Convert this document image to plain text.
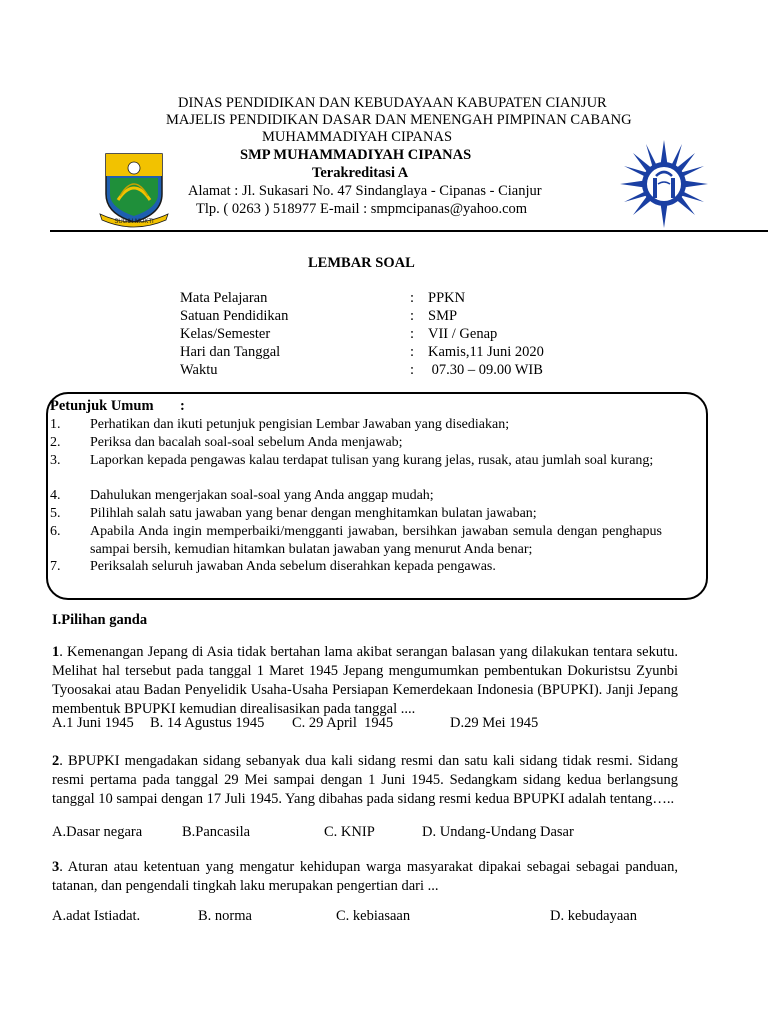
SUGIH MUKTI
DINAS PENDIDIKAN DAN KEBUDAYAAN KABUPATEN CIANJUR
MAJELIS PENDIDIKAN DASAR DAN MENENGAH PIMPINAN CABANG
MUHAMMADIYAH CIPANAS
SMP MUHAMMADIYAH CIPANAS
Terakreditasi A
Alamat : Jl. Sukasari No. 47 Sindanglaya - Cipanas - Cianjur
Tlp. ( 0263 ) 518977 E-mail : smpmcipanas@yahoo.com
LEMBAR SOAL
Mata Pelajaran	: PPKN
Satuan Pendidikan	: SMP
Kelas/Semester	: VII / Genap
Hari dan Tanggal	: Kamis,11 Juni 2020
Waktu	: 07.30 – 09.00 WIB
Petunjuk Umum :
1.	Perhatikan dan ikuti petunjuk pengisian Lembar Jawaban yang disediakan;
2.	Periksa dan bacalah soal-soal sebelum Anda menjawab;
3.	Laporkan kepada pengawas kalau terdapat tulisan yang kurang jelas, rusak, atau jumlah soal kurang;
4.	Dahulukan mengerjakan soal-soal yang Anda anggap mudah;
5.	Pilihlah salah satu jawaban yang benar dengan menghitamkan bulatan jawaban;
6.	Apabila Anda ingin memperbaiki/mengganti jawaban, bersihkan jawaban semula dengan penghapus sampai bersih, kemudian hitamkan bulatan jawaban yang menurut Anda benar;
7.	Periksalah seluruh jawaban Anda sebelum diserahkan kepada pengawas.
I.Pilihan ganda
1. Kemenangan Jepang di Asia tidak bertahan lama akibat serangan balasan yang dilakukan tentara sekutu. Melihat hal tersebut pada tanggal 1 Maret 1945 Jepang mengumumkan pembentukan Dokuristsu Zyunbi Tyoosakai atau Badan Penyelidik Usaha-Usaha Persiapan Kemerdekaan Indonesia (BPUPKI). Janji Jepang membentuk BPUPKI kemudian direalisasikan pada tanggal ....
A.1 Juni 1945 B. 14 Agustus 1945 C. 29 April  1945	D.29 Mei 1945
2. BPUPKI mengadakan sidang sebanyak dua kali sidang resmi dan satu kali sidang tidak resmi. Sidang resmi pertama pada tanggal 29 Mei sampai dengan 1 Juni 1945. Sedangkam sidang kedua berlangsung tanggal 10 sampai dengan 17 Juli 1945. Yang dibahas pada sidang resmi kedua BPUPKI adalah tentang…..
A.Dasar negara	B.Pancasila	C. KNIP	D. Undang-Undang Dasar
3. Aturan atau ketentuan yang mengatur kehidupan warga masyarakat dipakai sebagai sebagai panduan, tatanan, dan pengendali tingkah laku merupakan pengertian dari ...
A.adat Istiadat.	B. norma	C. kebiasaan	D. kebudayaan
